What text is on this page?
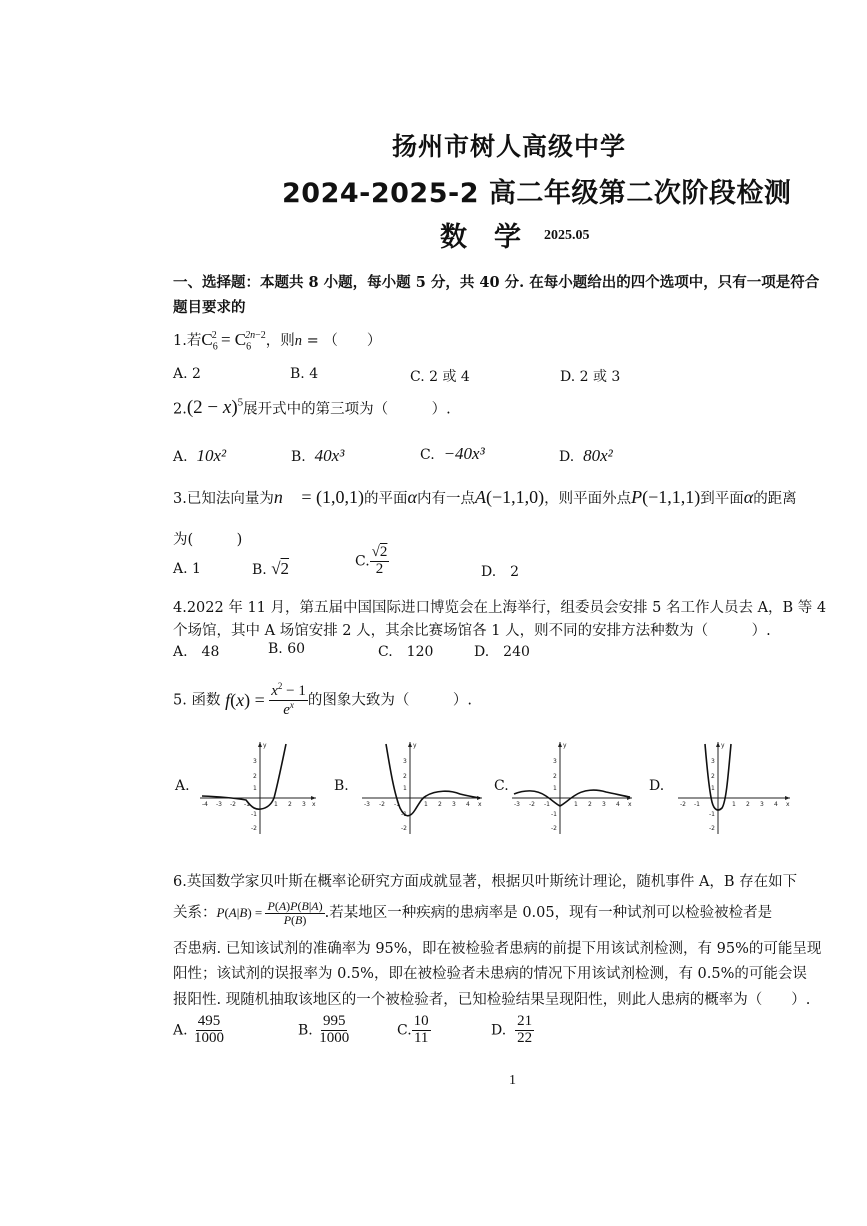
扬州市树人高级中学
2024-2025-2 高二年级第二次阶段检测
数　学 2025.05
一、选择题：本题共 8 小题，每小题 5 分，共 40 分. 在每小题给出的四个选项中，只有一项是符合
题目要求的
1.若$C_6^2 = C_6^{2n-2}$，则n = （　　）
A. 2	B. 4	C. 2 或 4	D. 2 或 3
$2.(2 - x)^5$展开式中的第三项为（　　　）.
A. 10x²	B. 40x³	C. −40x³	D. 80x²
3.已知法向量为n⃗ = (1,0,1)的平面α内有一点A(−1,1,0)，则平面外点P(−1,1,1)到平面α的距离
为(　　　)
A. 1	B. √2	C. $\frac{√2}{2}$	D.　2
4.2022 年 11 月，第五届中国国际进口博览会在上海举行，组委员会安排 5 名工作人员去 A，B 等 4
个场馆，其中 A 场馆安排 2 人，其余比赛场馆各 1 人，则不同的安排方法种数为（　　　）.
A.　48	B. 60	C.　120	D.　240
5. 函数 $f(x) = \frac{x^2 - 1}{e^x}$ 的图象大致为（　　　）.
A.	B.	C.	D.
y
x
-4 -3 -2 -1	1 2 3
3
2
1
-1
-2
y
x
-3 -2 -1	1 2 3 4
3
2
1
-1
-2
y
x
-3 -2 -1	1 2 3 4
3
2
1
-1
-2
y
x
-2 -1	1 2 3 4
3
2
1
-1
-2
6.英国数学家贝叶斯在概率论研究方面成就显著，根据贝叶斯统计理论，随机事件 A，B 存在如下
关系：$P(A|B) = \frac{P(A)P(B|A)}{P(B)}$ .若某地区一种疾病的患病率是 0.05，现有一种试剂可以检验被检者是
否患病. 已知该试剂的准确率为 95%，即在被检验者患病的前提下用该试剂检测，有 95%的可能呈现
阳性；该试剂的误报率为 0.5%，即在被检验者未患病的情况下用该试剂检测，有 0.5%的可能会误
报阳性. 现随机抽取该地区的一个被检验者，已知检验结果呈现阳性，则此人患病的概率为（　　）.
A. $\frac{495}{1000}$	B. $\frac{995}{1000}$	C. $\frac{10}{11}$	D. $\frac{21}{22}$
1
